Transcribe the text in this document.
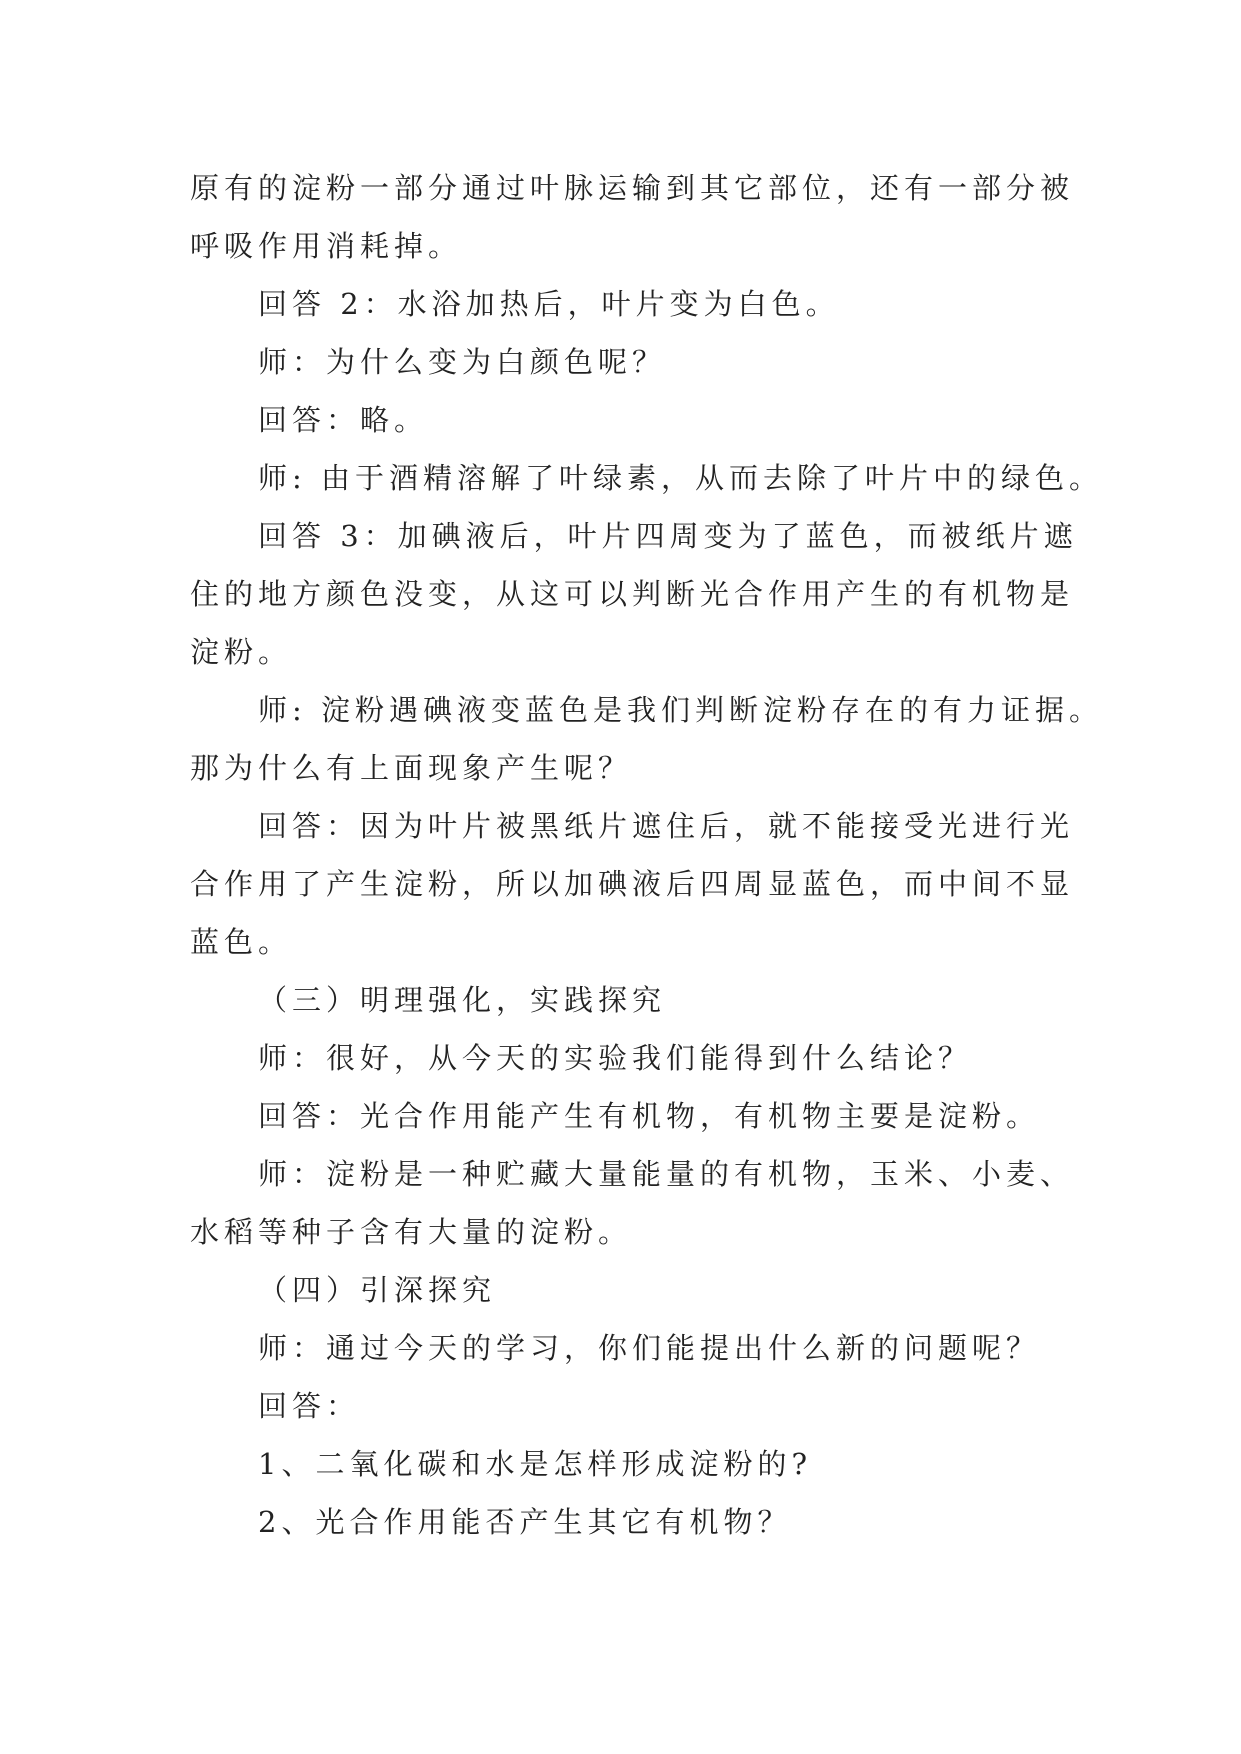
原有的淀粉一部分通过叶脉运输到其它部位，还有一部分被
呼吸作用消耗掉。
回答 2：水浴加热后，叶片变为白色。
师：为什么变为白颜色呢？
回答：略。
师: 由于酒精溶解了叶绿素，从而去除了叶片中的绿色。
回答 3：加碘液后，叶片四周变为了蓝色，而被纸片遮
住的地方颜色没变，从这可以判断光合作用产生的有机物是
淀粉。
师: 淀粉遇碘液变蓝色是我们判断淀粉存在的有力证据。
那为什么有上面现象产生呢？
回答：因为叶片被黑纸片遮住后，就不能接受光进行光
合作用了产生淀粉，所以加碘液后四周显蓝色，而中间不显
蓝色。
（三）明理强化，实践探究
师：很好，从今天的实验我们能得到什么结论？
回答：光合作用能产生有机物，有机物主要是淀粉。
师：淀粉是一种贮藏大量能量的有机物，玉米、小麦、
水稻等种子含有大量的淀粉。
（四）引深探究
师：通过今天的学习，你们能提出什么新的问题呢？
回答：
1、二氧化碳和水是怎样形成淀粉的?
2、光合作用能否产生其它有机物？
